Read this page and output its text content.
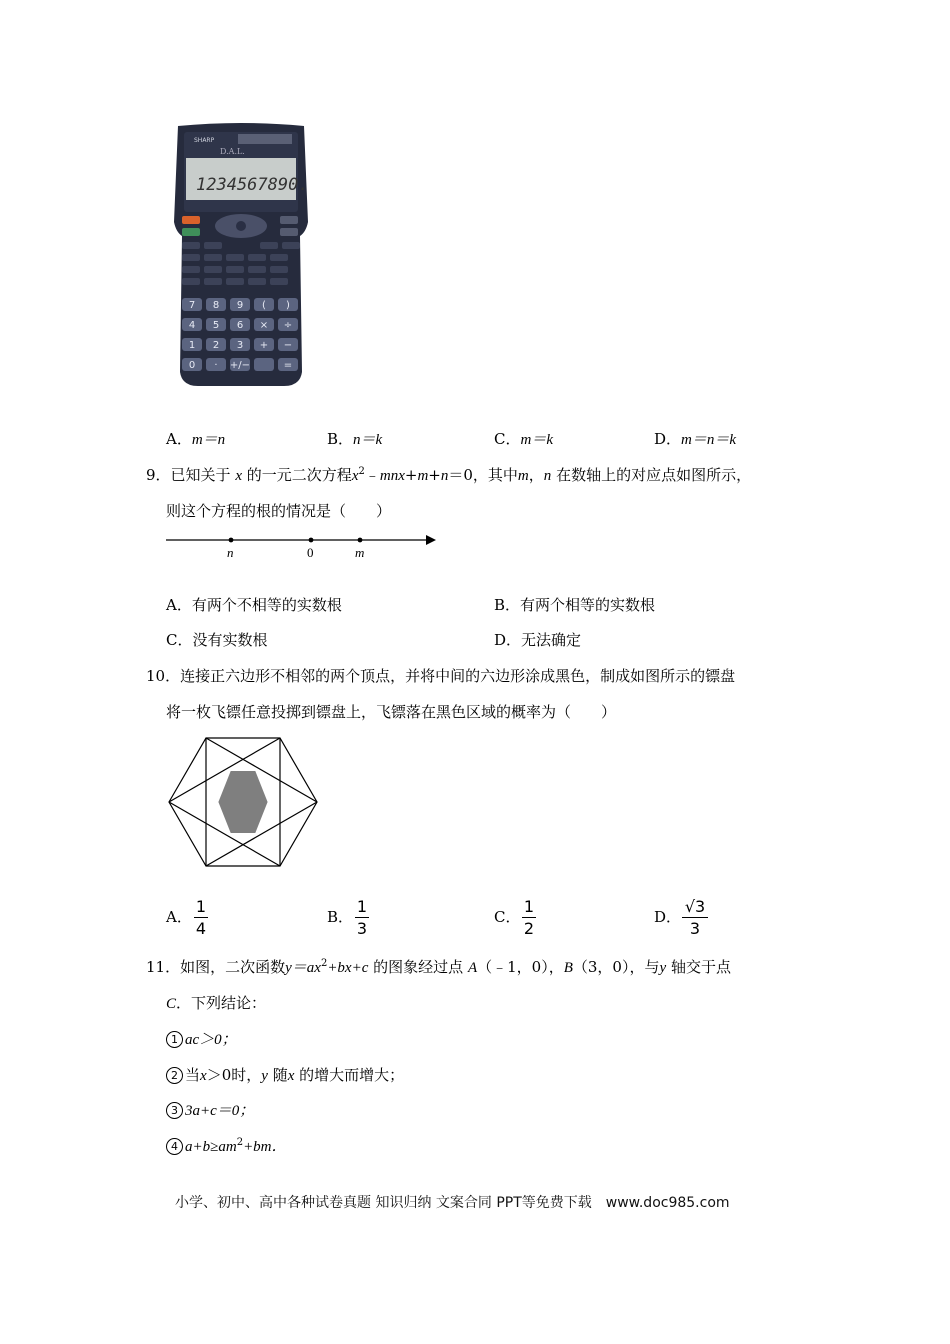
SHARP
D.A.L.
1234567890.
7 8 9 ( )
4 5 6 × ÷
1 2 3 + −
0 · +/−	=
A．m＝n	B．n＝k	C．m＝k	D．m＝n＝k
9．已知关于 x 的一元二次方程$x^2﹣mnx+m+n=0$，其中m，n 在数轴上的对应点如图所示，
则这个方程的根的情况是（　　）
n	0	m
A．有两个不相等的实数根	B．有两个相等的实数根
C．没有实数根	D．无法确定
10．连接正六边形不相邻的两个顶点，并将中间的六边形涂成黑色，制成如图所示的镖盘
将一枚飞镖任意投掷到镖盘上，飞镖落在黑色区域的概率为（　　）
A．
1
4
B．
1
3
C．
1
2
D．
√3
3
11．如图，二次函数$y=ax^2+bx+c$ 的图象经过点 A（﹣1，0），B（3，0），与y 轴交于点
C．下列结论：
1 ac＞0；
2 当x＞0时，y 随x 的增大而增大；
3 3a+c＝0；
4 $a+b\ge am^2+bm$．
小学、初中、高中各种试卷真题 知识归纳 文案合同 PPT等免费下载　www.doc985.com
